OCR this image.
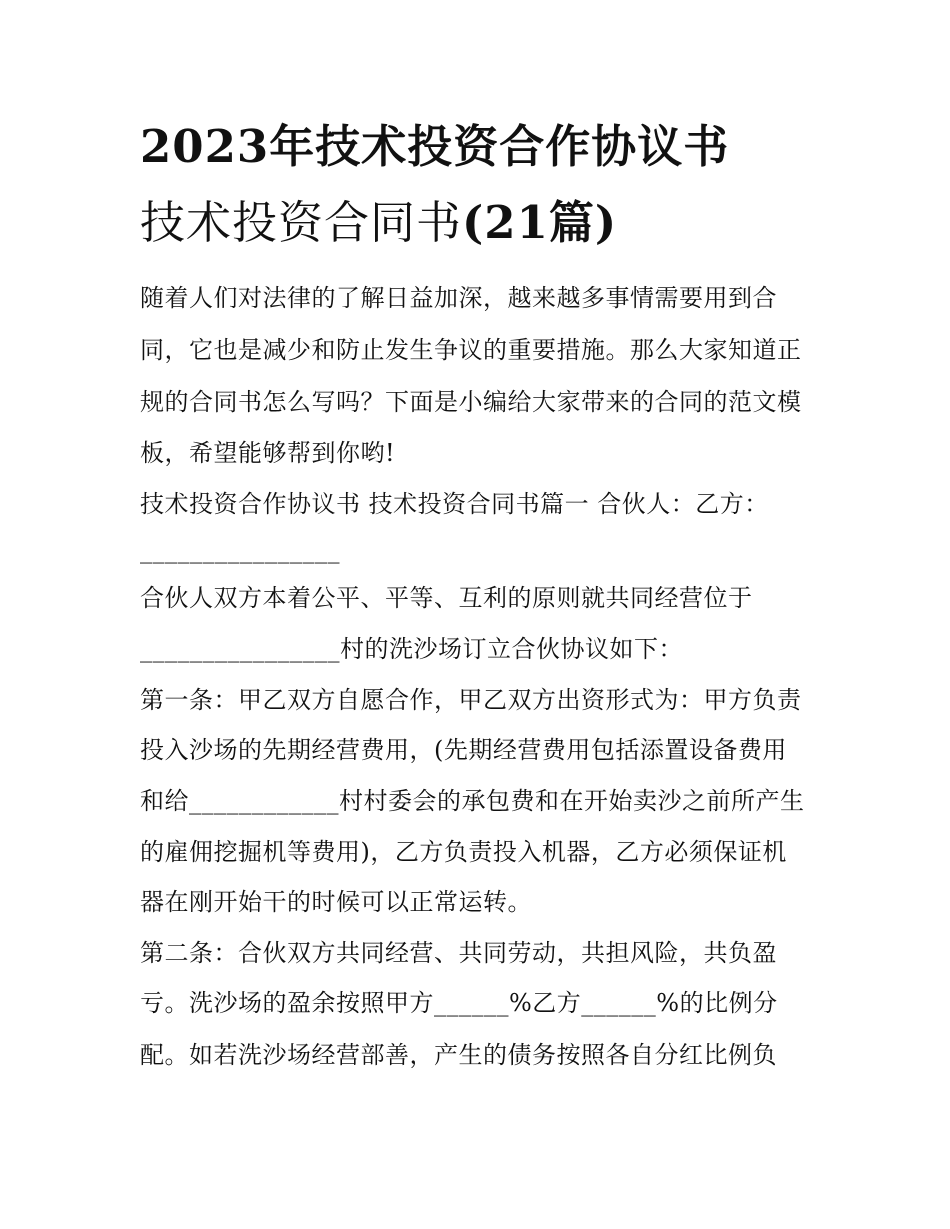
2023年技术投资合作协议书
技术投资合同书(21篇)

随着人们对法律的了解日益加深，越来越多事情需要用到合

同，它也是减少和防止发生争议的重要措施。那么大家知道正

规的合同书怎么写吗？下面是小编给大家带来的合同的范文模

板，希望能够帮到你哟!

技术投资合作协议书 技术投资合同书篇一 合伙人：乙方：

________________

合伙人双方本着公平、平等、互利的原则就共同经营位于

________________村的洗沙场订立合伙协议如下：

第一条：甲乙双方自愿合作，甲乙双方出资形式为：甲方负责

投入沙场的先期经营费用，(先期经营费用包括添置设备费用

和给____________村村委会的承包费和在开始卖沙之前所产生

的雇佣挖掘机等费用)，乙方负责投入机器，乙方必须保证机

器在刚开始干的时候可以正常运转。

第二条：合伙双方共同经营、共同劳动，共担风险，共负盈

亏。洗沙场的盈余按照甲方______%乙方______%的比例分

配。如若洗沙场经营部善，产生的债务按照各自分红比例负
